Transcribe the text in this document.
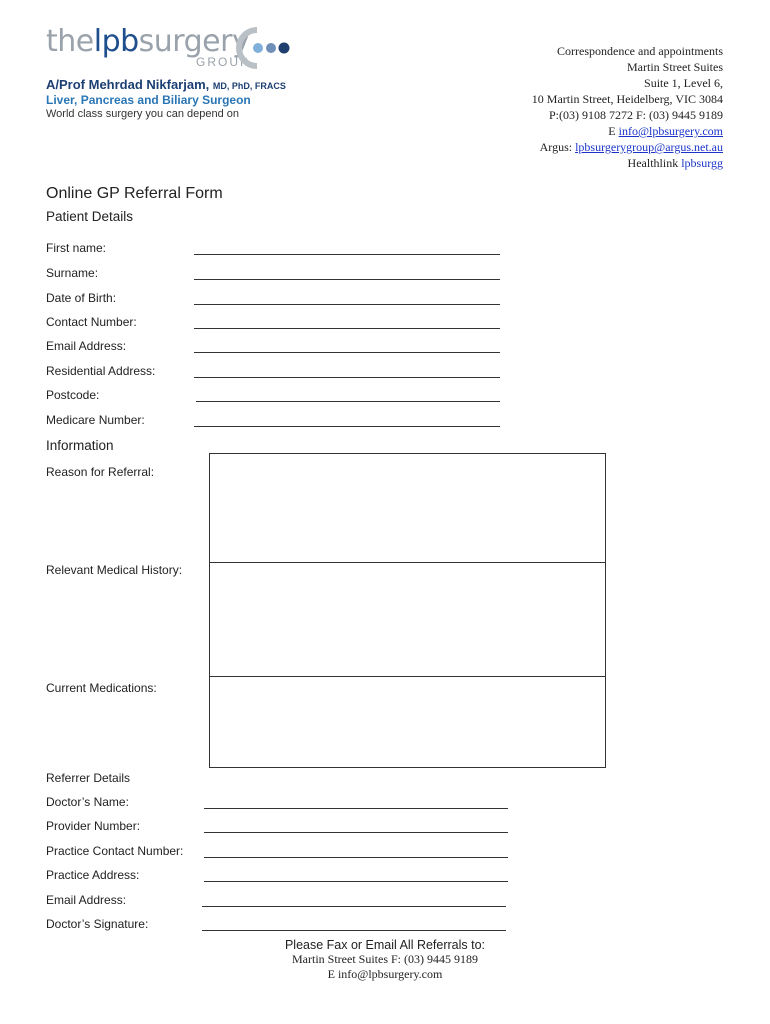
thelpbsurgery
GROUP
A/Prof Mehrdad Nikfarjam, MD, PhD, FRACS
Liver, Pancreas and Biliary Surgeon
World class surgery you can depend on
Correspondence and appointments
Martin Street Suites
Suite 1, Level 6,
10 Martin Street, Heidelberg, VIC 3084
P:(03) 9108 7272 F: (03) 9445 9189
E info@lpbsurgery.com
Argus: lpbsurgerygroup@argus.net.au
Healthlink lpbsurgg
Online GP Referral Form
Patient Details
First name:
Surname:
Date of Birth:
Contact Number:
Email Address:
Residential Address:
Postcode:
Medicare Number:
Information
Reason for Referral:
Relevant Medical History:
Current Medications:
Referrer Details
Doctor’s Name:
Provider Number:
Practice Contact Number:
Practice Address:
Email Address:
Doctor’s Signature:
Please Fax or Email All Referrals to:
Martin Street Suites F: (03) 9445 9189
E info@lpbsurgery.com
